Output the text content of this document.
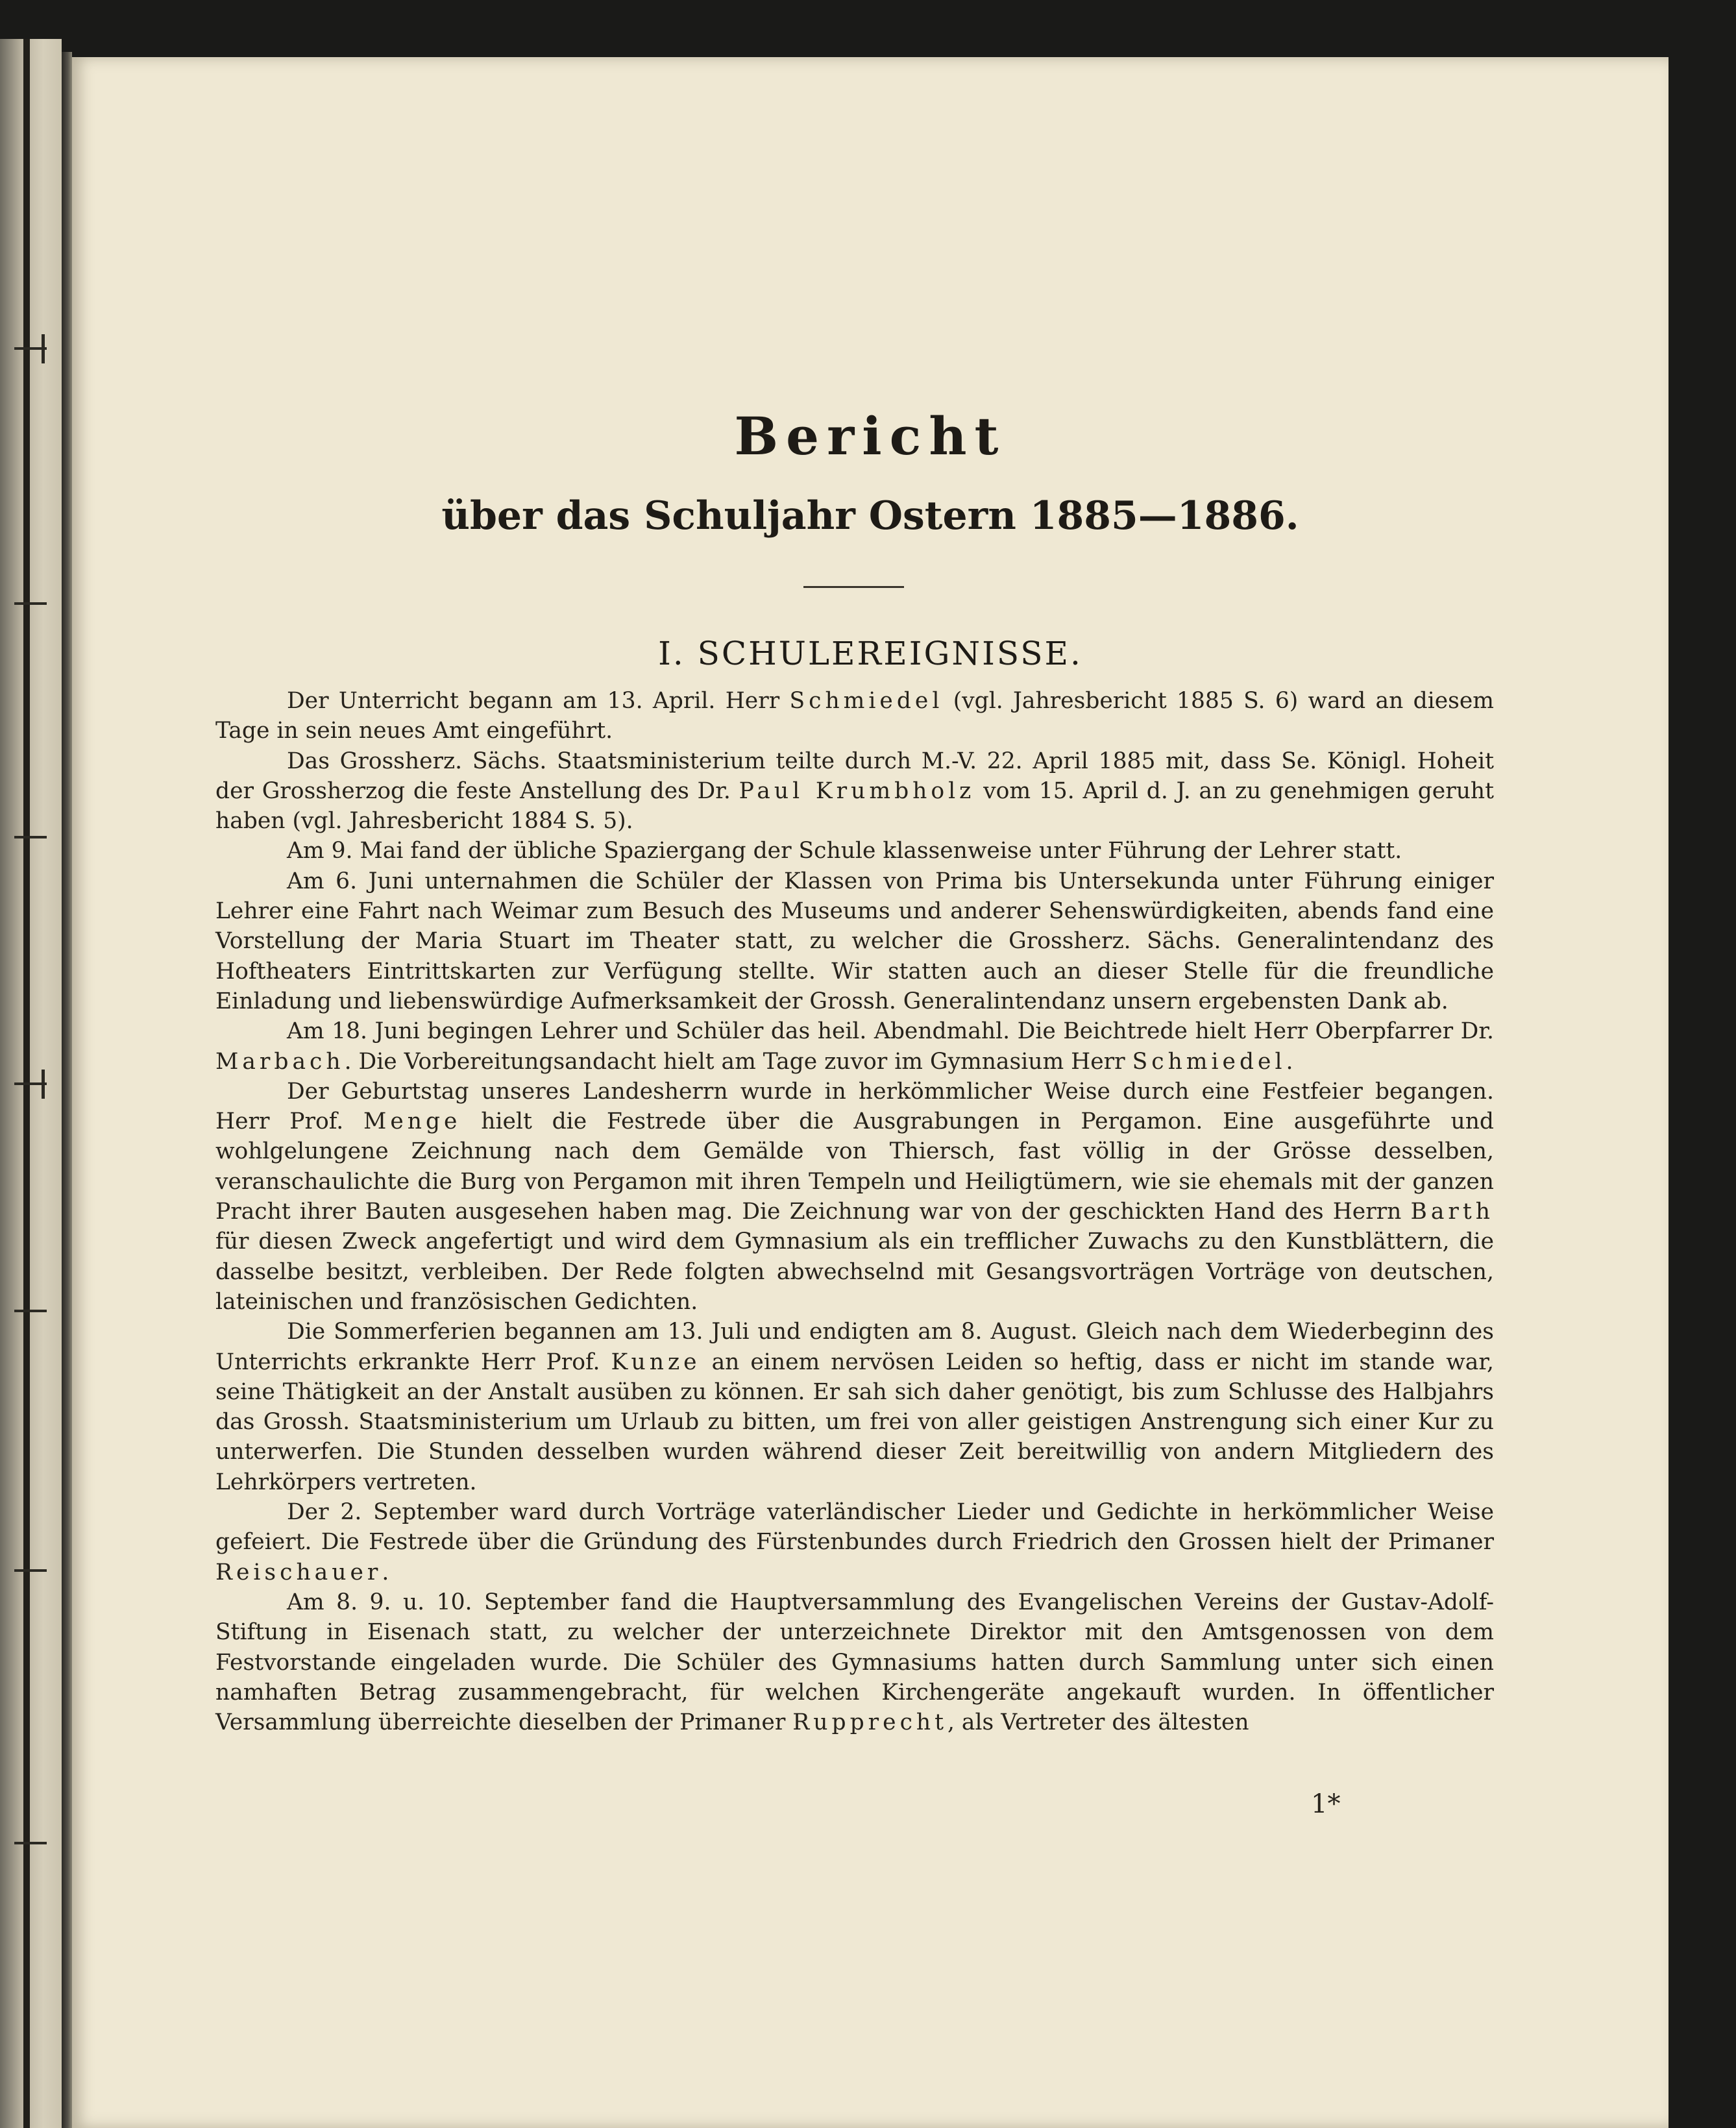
Bericht
über das Schuljahr Ostern 1885—1886.
I. SCHULEREIGNISSE.

Der Unterricht begann am 13. April. Herr Schmiedel (vgl. Jahresbericht 1885 S. 6) ward an diesem Tage in sein neues Amt eingeführt.

Das Grossherz. Sächs. Staatsministerium teilte durch M.-V. 22. April 1885 mit, dass Se. Königl. Hoheit der Grossherzog die feste Anstellung des Dr. Paul Krumbholz vom 15. April d. J. an zu genehmigen geruht haben (vgl. Jahresbericht 1884 S. 5).

Am 9. Mai fand der übliche Spaziergang der Schule klassenweise unter Führung der Lehrer statt.

Am 6. Juni unternahmen die Schüler der Klassen von Prima bis Untersekunda unter Führung einiger Lehrer eine Fahrt nach Weimar zum Besuch des Museums und anderer Sehenswürdigkeiten, abends fand eine Vorstellung der Maria Stuart im Theater statt, zu welcher die Grossherz. Sächs. Generalintendanz des Hoftheaters Eintrittskarten zur Verfügung stellte. Wir statten auch an dieser Stelle für die freundliche Einladung und liebenswürdige Aufmerksamkeit der Grossh. Generalintendanz unsern ergebensten Dank ab.

Am 18. Juni begingen Lehrer und Schüler das heil. Abendmahl. Die Beichtrede hielt Herr Oberpfarrer Dr. Marbach. Die Vorbereitungsandacht hielt am Tage zuvor im Gymnasium Herr Schmiedel.

Der Geburtstag unseres Landesherrn wurde in herkömmlicher Weise durch eine Festfeier begangen. Herr Prof. Menge hielt die Festrede über die Ausgrabungen in Pergamon. Eine ausgeführte und wohlgelungene Zeichnung nach dem Gemälde von Thiersch, fast völlig in der Grösse desselben, veranschaulichte die Burg von Pergamon mit ihren Tempeln und Heiligtümern, wie sie ehemals mit der ganzen Pracht ihrer Bauten ausgesehen haben mag. Die Zeichnung war von der geschickten Hand des Herrn Barth für diesen Zweck angefertigt und wird dem Gymnasium als ein trefflicher Zuwachs zu den Kunstblättern, die dasselbe besitzt, verbleiben. Der Rede folgten abwechselnd mit Gesangsvorträgen Vorträge von deutschen, lateinischen und französischen Gedichten.

Die Sommerferien begannen am 13. Juli und endigten am 8. August. Gleich nach dem Wiederbeginn des Unterrichts erkrankte Herr Prof. Kunze an einem nervösen Leiden so heftig, dass er nicht im stande war, seine Thätigkeit an der Anstalt ausüben zu können. Er sah sich daher genötigt, bis zum Schlusse des Halbjahrs das Grossh. Staatsministerium um Urlaub zu bitten, um frei von aller geistigen Anstrengung sich einer Kur zu unterwerfen. Die Stunden desselben wurden während dieser Zeit bereitwillig von andern Mitgliedern des Lehrkörpers vertreten.

Der 2. September ward durch Vorträge vaterländischer Lieder und Gedichte in herkömmlicher Weise gefeiert. Die Festrede über die Gründung des Fürstenbundes durch Friedrich den Grossen hielt der Primaner Reischauer.

Am 8. 9. u. 10. September fand die Hauptversammlung des Evangelischen Vereins der Gustav-Adolf-Stiftung in Eisenach statt, zu welcher der unterzeichnete Direktor mit den Amtsgenossen von dem Festvorstande eingeladen wurde. Die Schüler des Gymnasiums hatten durch Sammlung unter sich einen namhaften Betrag zusammengebracht, für welchen Kirchengeräte angekauft wurden. In öffentlicher Versammlung überreichte dieselben der Primaner Rupprecht, als Vertreter des ältesten

1*
